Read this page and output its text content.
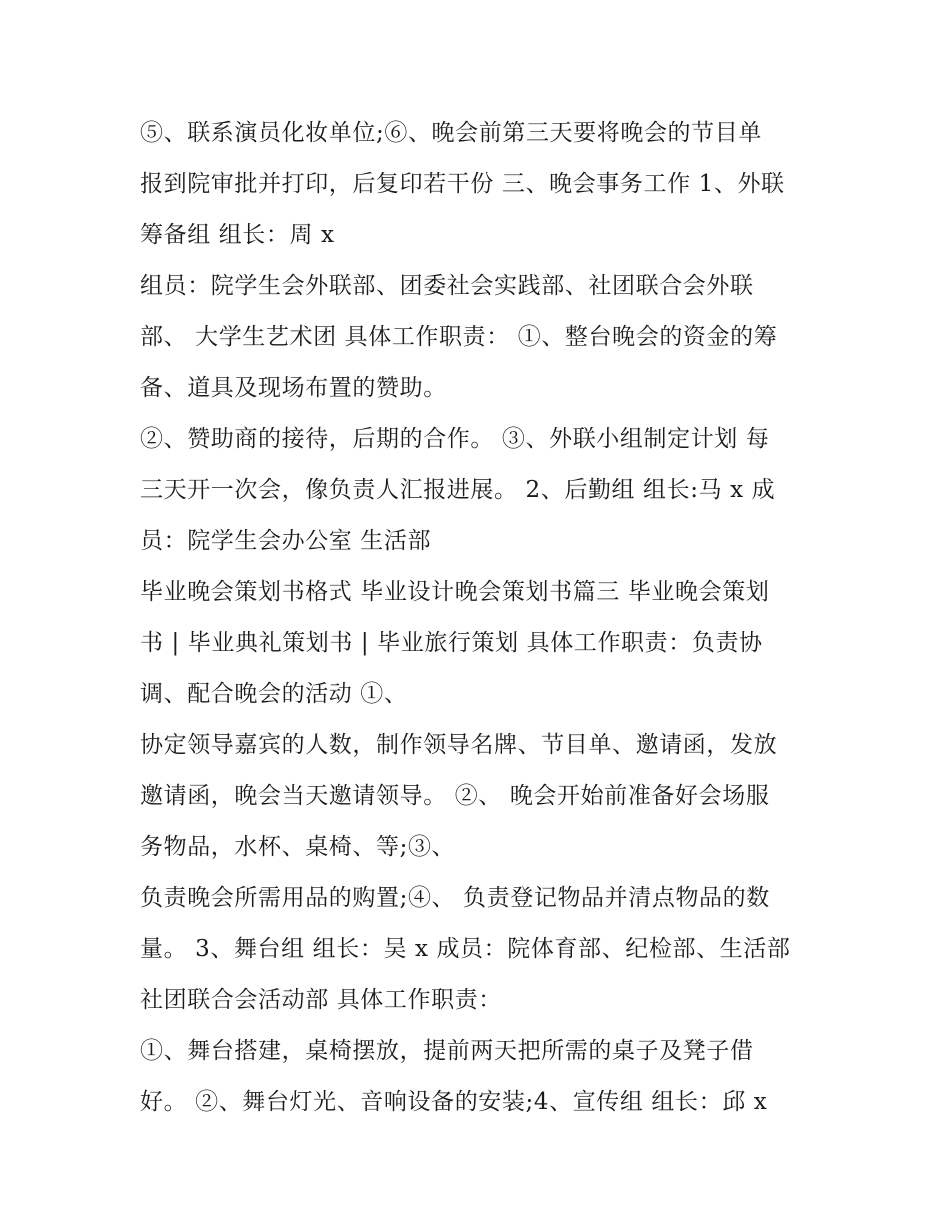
⑤、联系演员化妆单位;⑥、晚会前第三天要将晚会的节目单
报到院审批并打印，后复印若干份 三、晚会事务工作 1、外联
筹备组 组长：周 x
组员：院学生会外联部、团委社会实践部、社团联合会外联
部、 大学生艺术团 具体工作职责： ①、整台晚会的资金的筹
备、道具及现场布置的赞助。
②、赞助商的接待，后期的合作。 ③、外联小组制定计划 每
三天开一次会，像负责人汇报进展。 2、后勤组 组长:马 x 成
员：院学生会办公室 生活部
毕业晚会策划书格式 毕业设计晚会策划书篇三 毕业晚会策划
书 | 毕业典礼策划书 | 毕业旅行策划 具体工作职责：负责协
调、配合晚会的活动 ①、
协定领导嘉宾的人数，制作领导名牌、节目单、邀请函，发放
邀请函，晚会当天邀请领导。 ②、 晚会开始前准备好会场服
务物品，水杯、桌椅、等;③、
负责晚会所需用品的购置;④、 负责登记物品并清点物品的数
量。 3、舞台组 组长：吴 x 成员：院体育部、纪检部、生活部
社团联合会活动部 具体工作职责：
①、舞台搭建，桌椅摆放，提前两天把所需的桌子及凳子借
好。 ②、舞台灯光、音响设备的安装;4、宣传组 组长：邱 x
